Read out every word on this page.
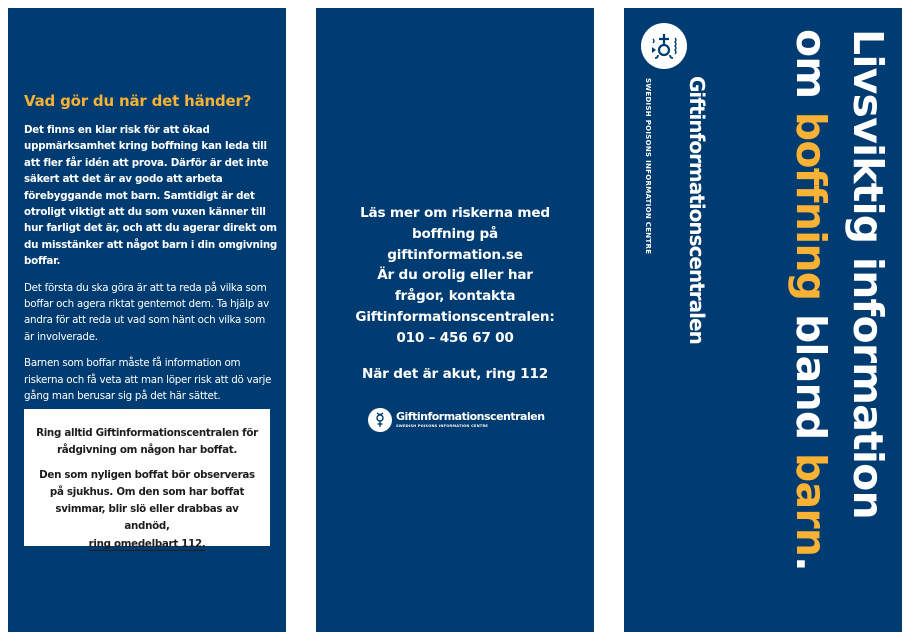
Vad gör du när det händer?

Det finns en klar risk för att ökad uppmärksamhet kring boffning kan leda till att fler får idén att prova. Därför är det inte säkert att det är av godo att arbeta förebyggande mot barn. Samtidigt är det otroligt viktigt att du som vuxen känner till hur farligt det är, och att du agerar direkt om du misstänker att något barn i din omgivning boffar.

Det första du ska göra är att ta reda på vilka som boffar och agera riktat gentemot dem. Ta hjälp av andra för att reda ut vad som hänt och vilka som är involverade.

Barnen som boffar måste få information om riskerna och få veta att man löper risk att dö varje gång man berusar sig på det här sättet.

Ring alltid Giftinformationscentralen för rådgivning om någon har boffat.

Den som nyligen boffat bör observeras på sjukhus. Om den som har boffat svimmar, blir slö eller drabbas av andnöd,
ring omedelbart 112.

Läs mer om riskerna med boffning på giftinformation.se
Är du orolig eller har
frågor, kontakta
Giftinformationscentralen:
010 – 456 67 00
När det är akut, ring 112
Giftinformationscentralen
SWEDISH POISONS INFORMATION CENTRE	Livsviktig information
om boffning bland barn.
Giftinformationscentralen
SWEDISH POISONS INFORMATION CENTRE
